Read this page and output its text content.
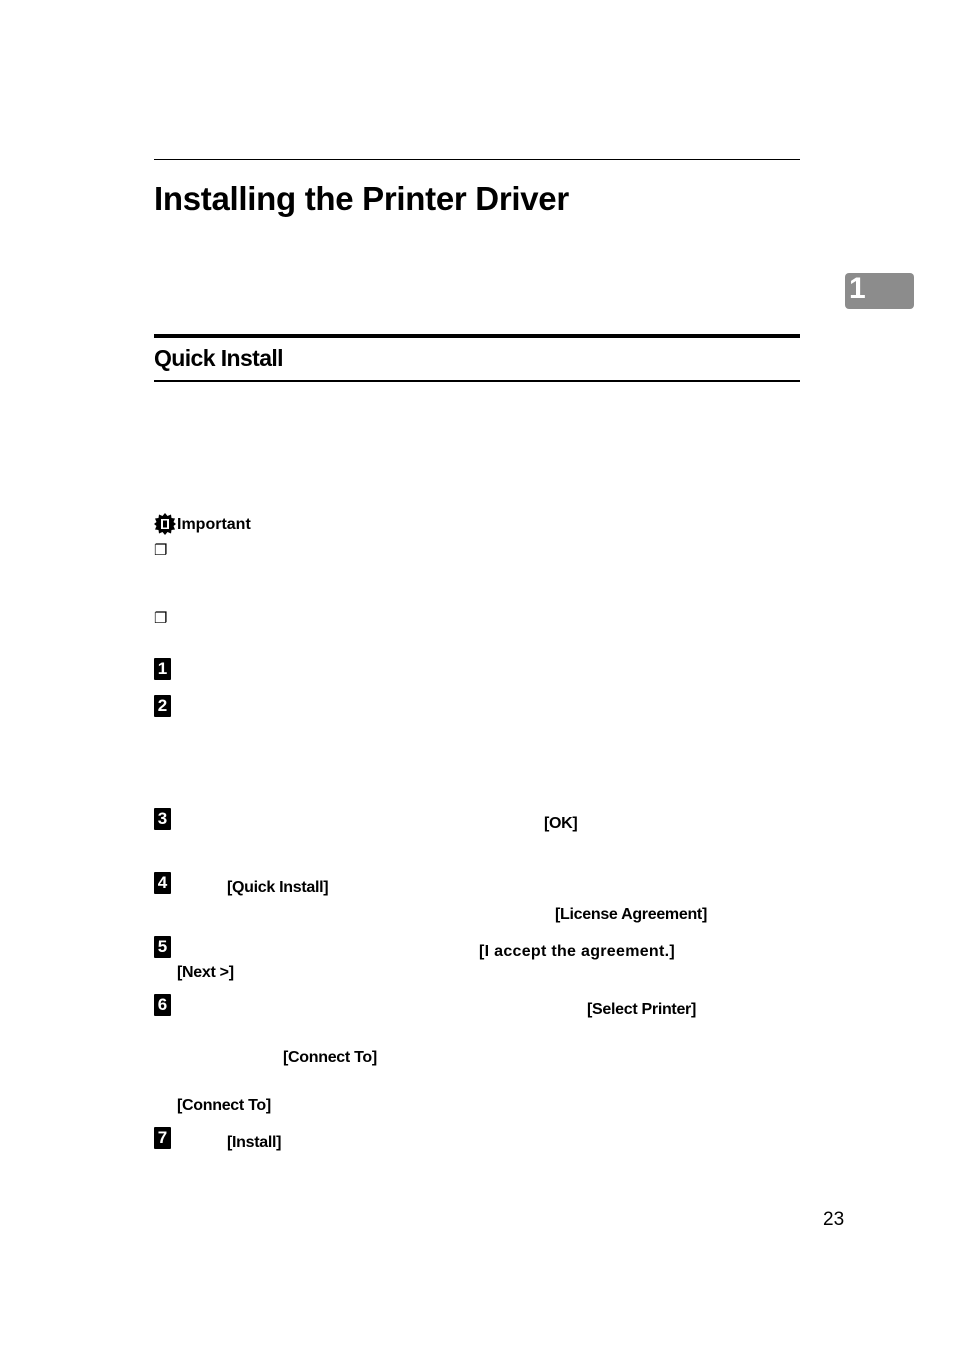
Installing the Printer Driver
1
Quick Install
Important
❐
❐
1
2
3	[OK]
4	[Quick Install]
[License Agreement]
5	[I accept the agreement.]
[Next >]
6	[Select Printer]
[Connect To]
[Connect To]
7	[Install]
23
